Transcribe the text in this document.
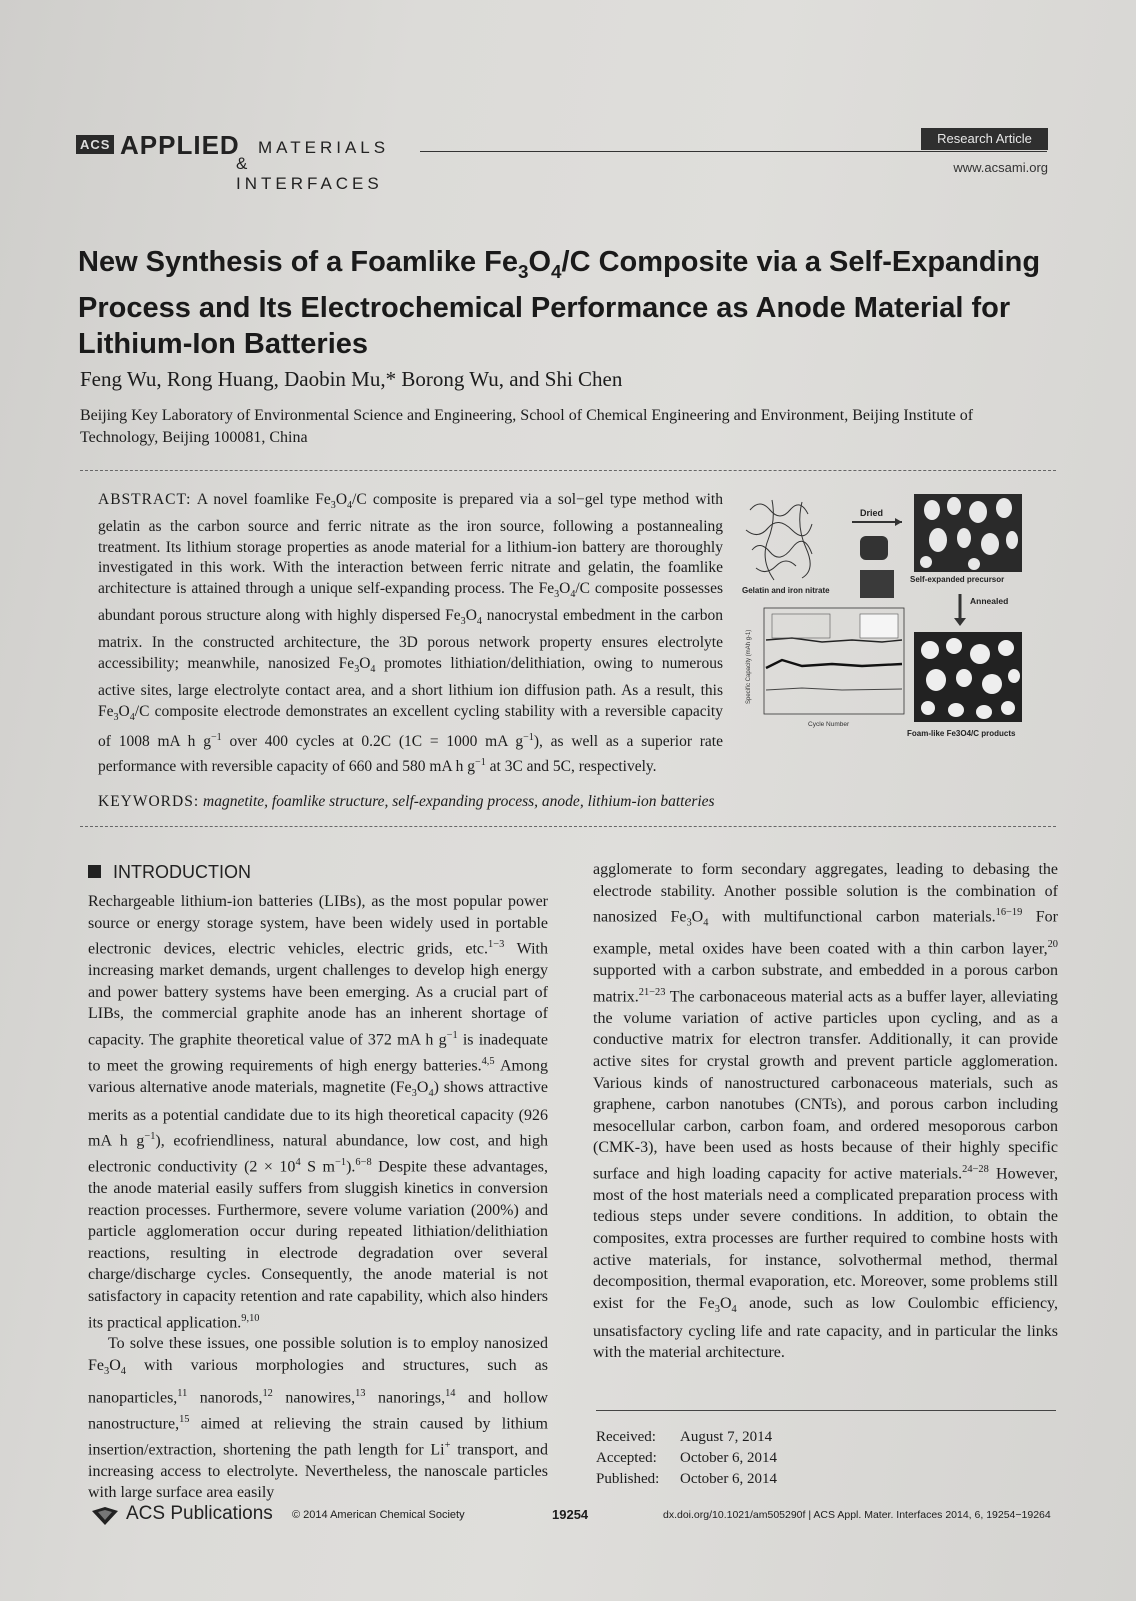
ACS APPLIED MATERIALS
& INTERFACES
Research Article
www.acsami.org
New Synthesis of a Foamlike $Fe_3O_4/C$ Composite via a Self-Expanding Process and Its Electrochemical Performance as Anode Material for Lithium-Ion Batteries
Feng Wu, Rong Huang, Daobin Mu,* Borong Wu, and Shi Chen
Beijing Key Laboratory of Environmental Science and Engineering, School of Chemical Engineering and Environment, Beijing Institute of Technology, Beijing 100081, China
ABSTRACT: A novel foamlike $Fe_3O_4/C$ composite is prepared via a sol−gel type method with gelatin as the carbon source and ferric nitrate as the iron source, following a postannealing treatment. Its lithium storage properties as anode material for a lithium-ion battery are thoroughly investigated in this work. With the interaction between ferric nitrate and gelatin, the foamlike architecture is attained through a unique self-expanding process. The $Fe_3O_4/C$ composite possesses abundant porous structure along with highly dispersed $Fe_3O_4$ nanocrystal embedment in the carbon matrix. In the constructed architecture, the 3D porous network property ensures electrolyte accessibility; meanwhile, nanosized $Fe_3O_4$ promotes lithiation/delithiation, owing to numerous active sites, large electrolyte contact area, and a short lithium ion diffusion path. As a result, this $Fe_3O_4/C$ composite electrode demonstrates an excellent cycling stability with a reversible capacity of 1008 mA h $g^{-1}$ over 400 cycles at 0.2C (1C = 1000 mA $g^{-1}$), as well as a superior rate performance with reversible capacity of 660 and 580 mA h $g^{-1}$ at 3C and 5C, respectively.
Gelatin and iron nitrate
Dried
Self-expanded precursor
Annealed
Foam-like Fe3O4/C products
Specific Capacity (mAh g-1)
Cycle Number
KEYWORDS: magnetite, foamlike structure, self-expanding process, anode, lithium-ion batteries
INTRODUCTION
Rechargeable lithium-ion batteries (LIBs), as the most popular power source or energy storage system, have been widely used in portable electronic devices, electric vehicles, electric grids, etc.$^{1-3}$ With increasing market demands, urgent challenges to develop high energy and power battery systems have been emerging. As a crucial part of LIBs, the commercial graphite anode has an inherent shortage of capacity. The graphite theoretical value of 372 mA h $g^{-1}$ is inadequate to meet the growing requirements of high energy batteries.$^{4,5}$ Among various alternative anode materials, magnetite $(Fe_3O_4)$ shows attractive merits as a potential candidate due to its high theoretical capacity (926 mA h $g^{-1}$), ecofriendliness, natural abundance, low cost, and high electronic conductivity ($2 \times 10^4$ S $m^{-1}).^{6-8}$ Despite these advantages, the anode material easily suffers from sluggish kinetics in conversion reaction processes. Furthermore, severe volume variation (200%) and particle agglomeration occur during repeated lithiation/delithiation reactions, resulting in electrode degradation over several charge/discharge cycles. Consequently, the anode material is not satisfactory in capacity retention and rate capability, which also hinders its practical application.$^{9,10}$
To solve these issues, one possible solution is to employ nanosized $Fe_3O_4$ with various morphologies and structures, such as nanoparticles,$^{11}$ nanorods,$^{12}$ nanowires,$^{13}$ nanorings,$^{14}$ and hollow nanostructure,$^{15}$ aimed at relieving the strain caused by lithium insertion/extraction, shortening the path length for Li+ transport, and increasing access to electrolyte. Nevertheless, the nanoscale particles with large surface area easily
agglomerate to form secondary aggregates, leading to debasing the electrode stability. Another possible solution is the combination of nanosized $Fe_3O_4$ with multifunctional carbon materials.$^{16-19}$ For example, metal oxides have been coated with a thin carbon layer,$^{20}$ supported with a carbon substrate, and embedded in a porous carbon matrix.$^{21-23}$ The carbonaceous material acts as a buffer layer, alleviating the volume variation of active particles upon cycling, and as a conductive matrix for electron transfer. Additionally, it can provide active sites for crystal growth and prevent particle agglomeration. Various kinds of nanostructured carbonaceous materials, such as graphene, carbon nanotubes (CNTs), and porous carbon including mesocellular carbon, carbon foam, and ordered mesoporous carbon (CMK-3), have been used as hosts because of their highly specific surface and high loading capacity for active materials.$^{24-28}$ However, most of the host materials need a complicated preparation process with tedious steps under severe conditions. In addition, to obtain the composites, extra processes are further required to combine hosts with active materials, for instance, solvothermal method, thermal decomposition, thermal evaporation, etc. Moreover, some problems still exist for the $Fe_3O_4$ anode, such as low Coulombic efficiency, unsatisfactory cycling life and rate capacity, and in particular the links with the material architecture.
Received: August 7, 2014
Accepted: October 6, 2014
Published: October 6, 2014
ACS Publications © 2014 American Chemical Society	19254	dx.doi.org/10.1021/am505290f | ACS Appl. Mater. Interfaces 2014, 6, 19254−19264
